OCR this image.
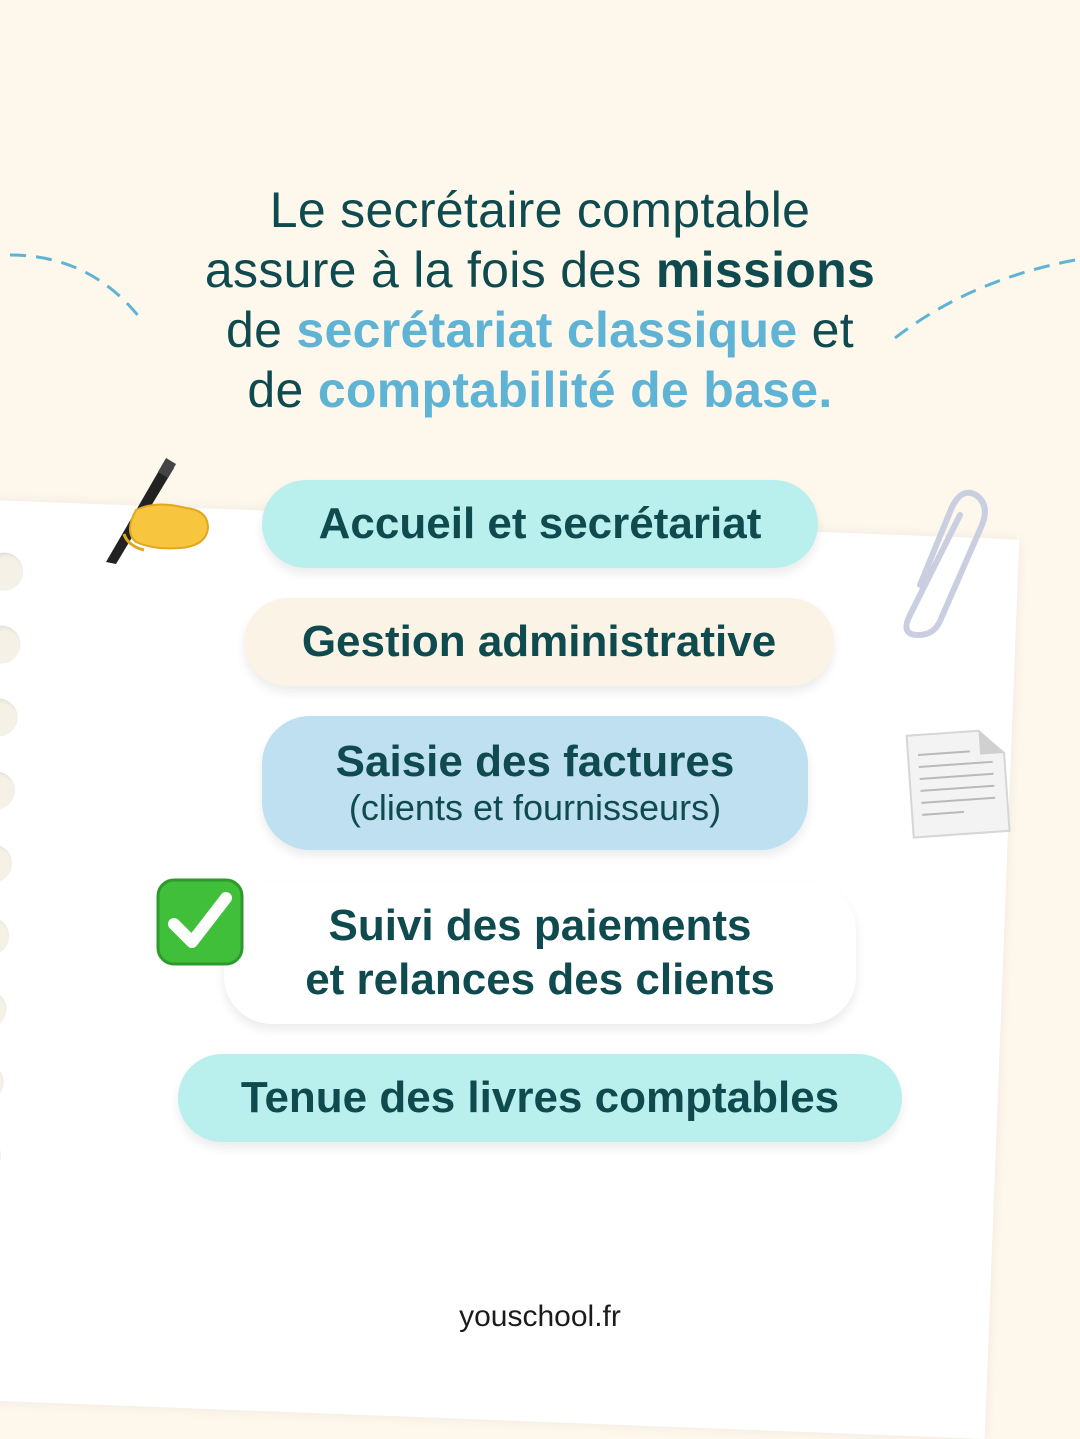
Le secrétaire comptable
assure à la fois des missions
de secrétariat classique et
de comptabilité de base.
Accueil et secrétariat
Gestion administrative
Saisie des factures
(clients et fournisseurs)
Suivi des paiements
et relances des clients
Tenue des livres comptables
youschool.fr
